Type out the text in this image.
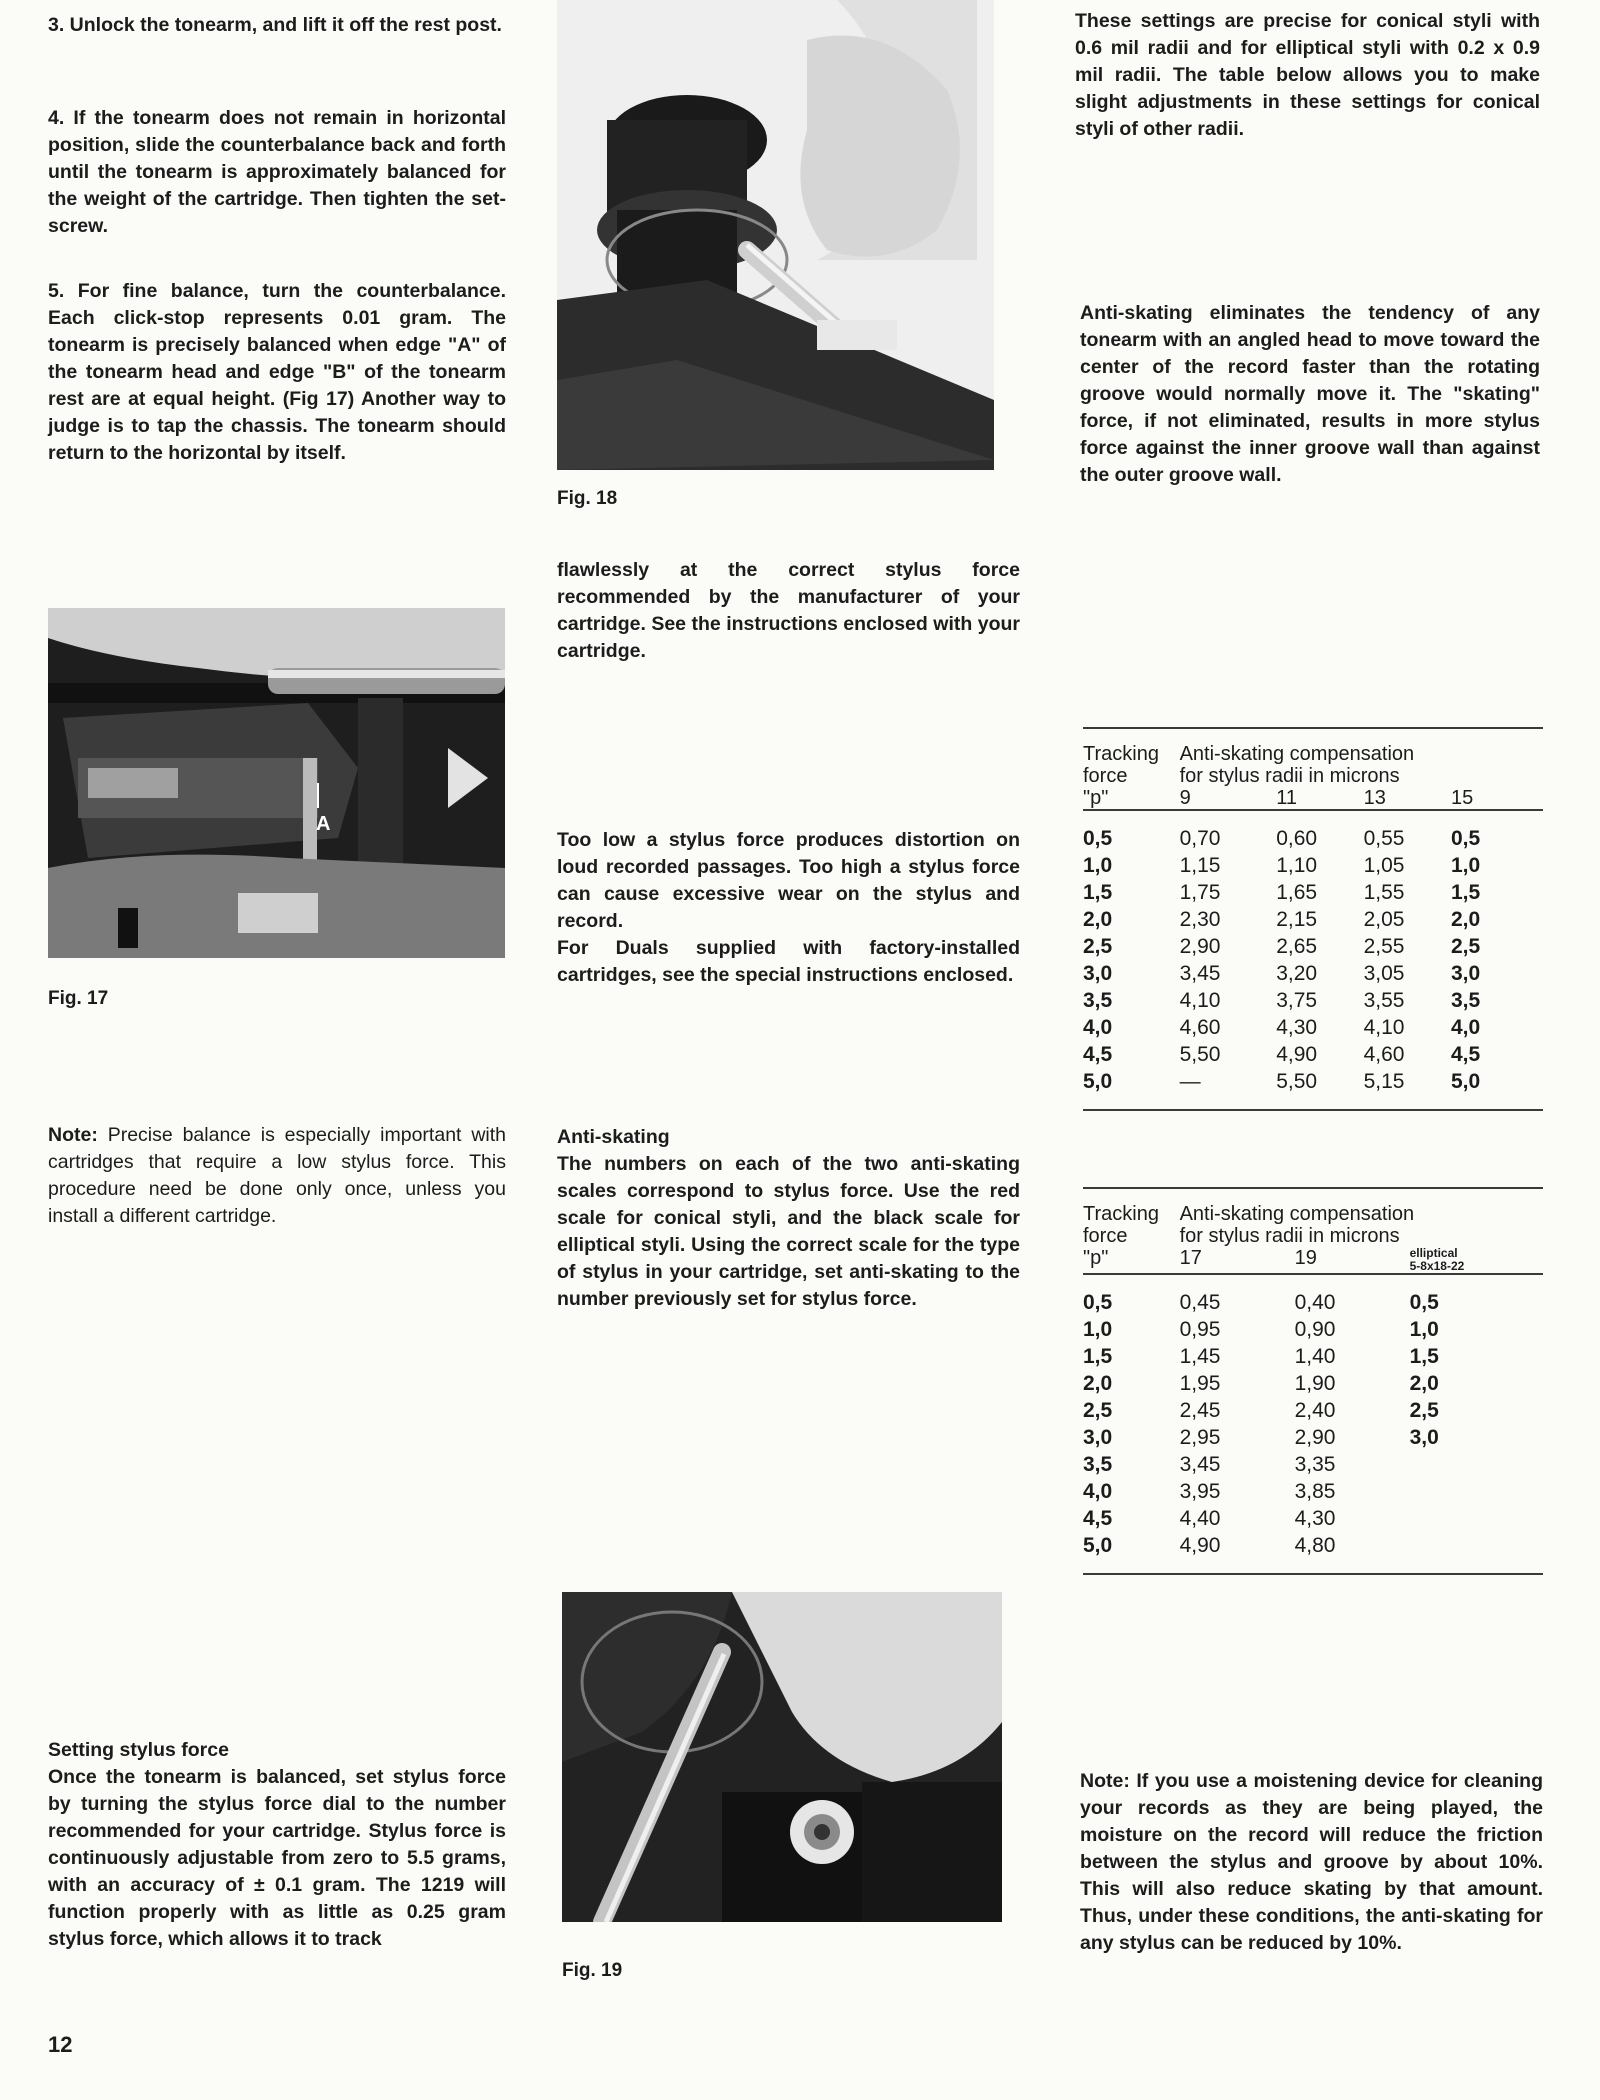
3. Unlock the tonearm, and lift it off the rest post.

4. If the tonearm does not remain in horizontal position, slide the counterbalance back and forth until the tonearm is approximately balanced for the weight of the cartridge. Then tighten the set-screw.

5. For fine balance, turn the counterbalance. Each click-stop represents 0.01 gram. The tonearm is precisely balanced when edge "A" of the tonearm head and edge "B" of the tonearm rest are at equal height. (Fig 17) Another way to judge is to tap the chassis. The tonearm should return to the horizontal by itself.

A

Fig. 17

Note: Precise balance is especially important with cartridges that require a low stylus force. This procedure need be done only once, unless you install a different cartridge.

Setting stylus force

Once the tonearm is balanced, set stylus force by turning the stylus force dial to the number recommended for your cartridge. Stylus force is continuously adjustable from zero to 5.5 grams, with an accuracy of ± 0.1 gram. The 1219 will function properly with as little as 0.25 gram stylus force, which allows it to track

12

Fig. 18

flawlessly at the correct stylus force recommended by the manufacturer of your cartridge. See the instructions enclosed with your cartridge.

Too low a stylus force produces distortion on loud recorded passages. Too high a stylus force can cause excessive wear on the stylus and record.

For Duals supplied with factory-installed cartridges, see the special instructions enclosed.

Anti-skating

The numbers on each of the two anti-skating scales correspond to stylus force. Use the red scale for conical styli, and the black scale for elliptical styli. Using the correct scale for the type of stylus in your cartridge, set anti-skating to the number previously set for stylus force.

Fig. 19

These settings are precise for conical styli with 0.6 mil radii and for elliptical styli with 0.2 x 0.9 mil radii. The table below allows you to make slight adjustments in these settings for conical styli of other radii.

Anti-skating eliminates the tendency of any tonearm with an angled head to move toward the center of the record faster than the rotating groove would normally move it. The "skating" force, if not eliminated, results in more stylus force against the inner groove wall than against the outer groove wall.

Tracking	Anti-skating compensation			
force	for stylus radii in microns			
"p"	9	11	13	15

0,5	0,70	0,60	0,55	0,5
1,0	1,15	1,10	1,05	1,0
1,5	1,75	1,65	1,55	1,5
2,0	2,30	2,15	2,05	2,0
2,5	2,90	2,65	2,55	2,5
3,0	3,45	3,20	3,05	3,0
3,5	4,10	3,75	3,55	3,5
4,0	4,60	4,30	4,10	4,0
4,5	5,50	4,90	4,60	4,5
5,0	—	5,50	5,15	5,0

Tracking	Anti-skating compensation		
force	for stylus radii in microns		
"p"	17	19	elliptical
5-8x18-22

0,5	0,45	0,40	0,5
1,0	0,95	0,90	1,0
1,5	1,45	1,40	1,5
2,0	1,95	1,90	2,0
2,5	2,45	2,40	2,5
3,0	2,95	2,90	3,0
3,5	3,45	3,35	
4,0	3,95	3,85	
4,5	4,40	4,30	
5,0	4,90	4,80	

Note: If you use a moistening device for cleaning your records as they are being played, the moisture on the record will reduce the friction between the stylus and groove by about 10%. This will also reduce skating by that amount. Thus, under these conditions, the anti-skating for any stylus can be reduced by 10%.
